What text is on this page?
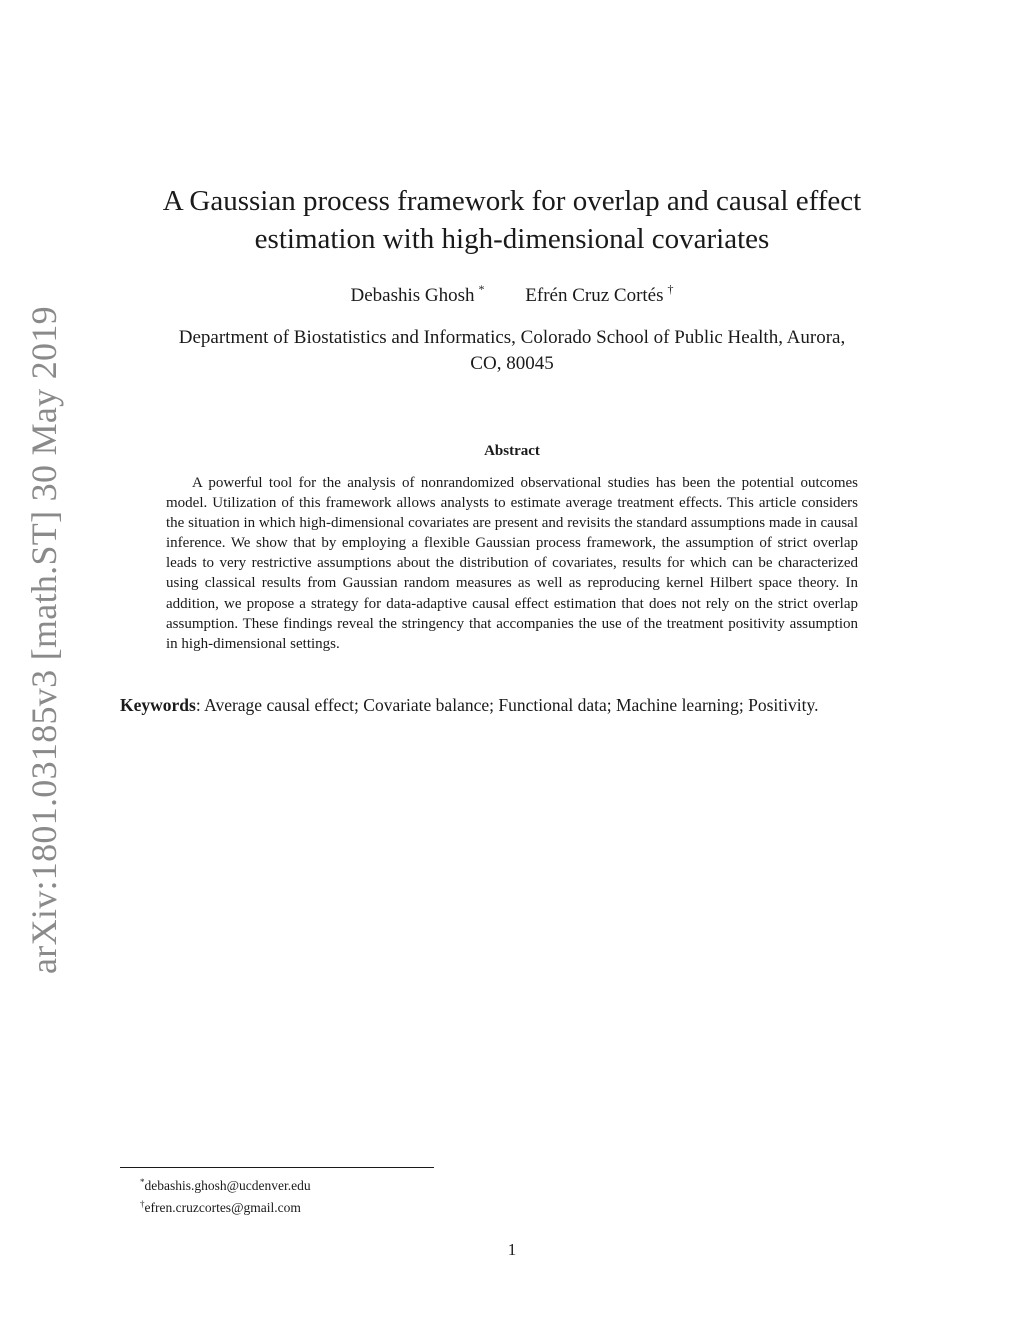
arXiv:1801.03185v3 [math.ST] 30 May 2019
A Gaussian process framework for overlap and causal effect
estimation with high-dimensional covariates
Debashis Ghosh * Efrén Cruz Cortés †
Department of Biostatistics and Informatics, Colorado School of Public Health, Aurora,
CO, 80045
Abstract
A powerful tool for the analysis of nonrandomized observational studies has been the potential outcomes model. Utilization of this framework allows analysts to estimate average treatment effects. This article considers the situation in which high-dimensional covariates are present and revisits the standard assumptions made in causal inference. We show that by employing a flexible Gaussian process framework, the assumption of strict overlap leads to very restrictive assumptions about the distribution of covariates, results for which can be characterized using classical results from Gaussian random measures as well as reproducing kernel Hilbert space theory. In addition, we propose a strategy for data-adaptive causal effect estimation that does not rely on the strict overlap assumption. These findings reveal the stringency that accompanies the use of the treatment positivity assumption in high-dimensional settings.
Keywords: Average causal effect; Covariate balance; Functional data; Machine learning; Positivity.
*debashis.ghosh@ucdenver.edu
†efren.cruzcortes@gmail.com
1
